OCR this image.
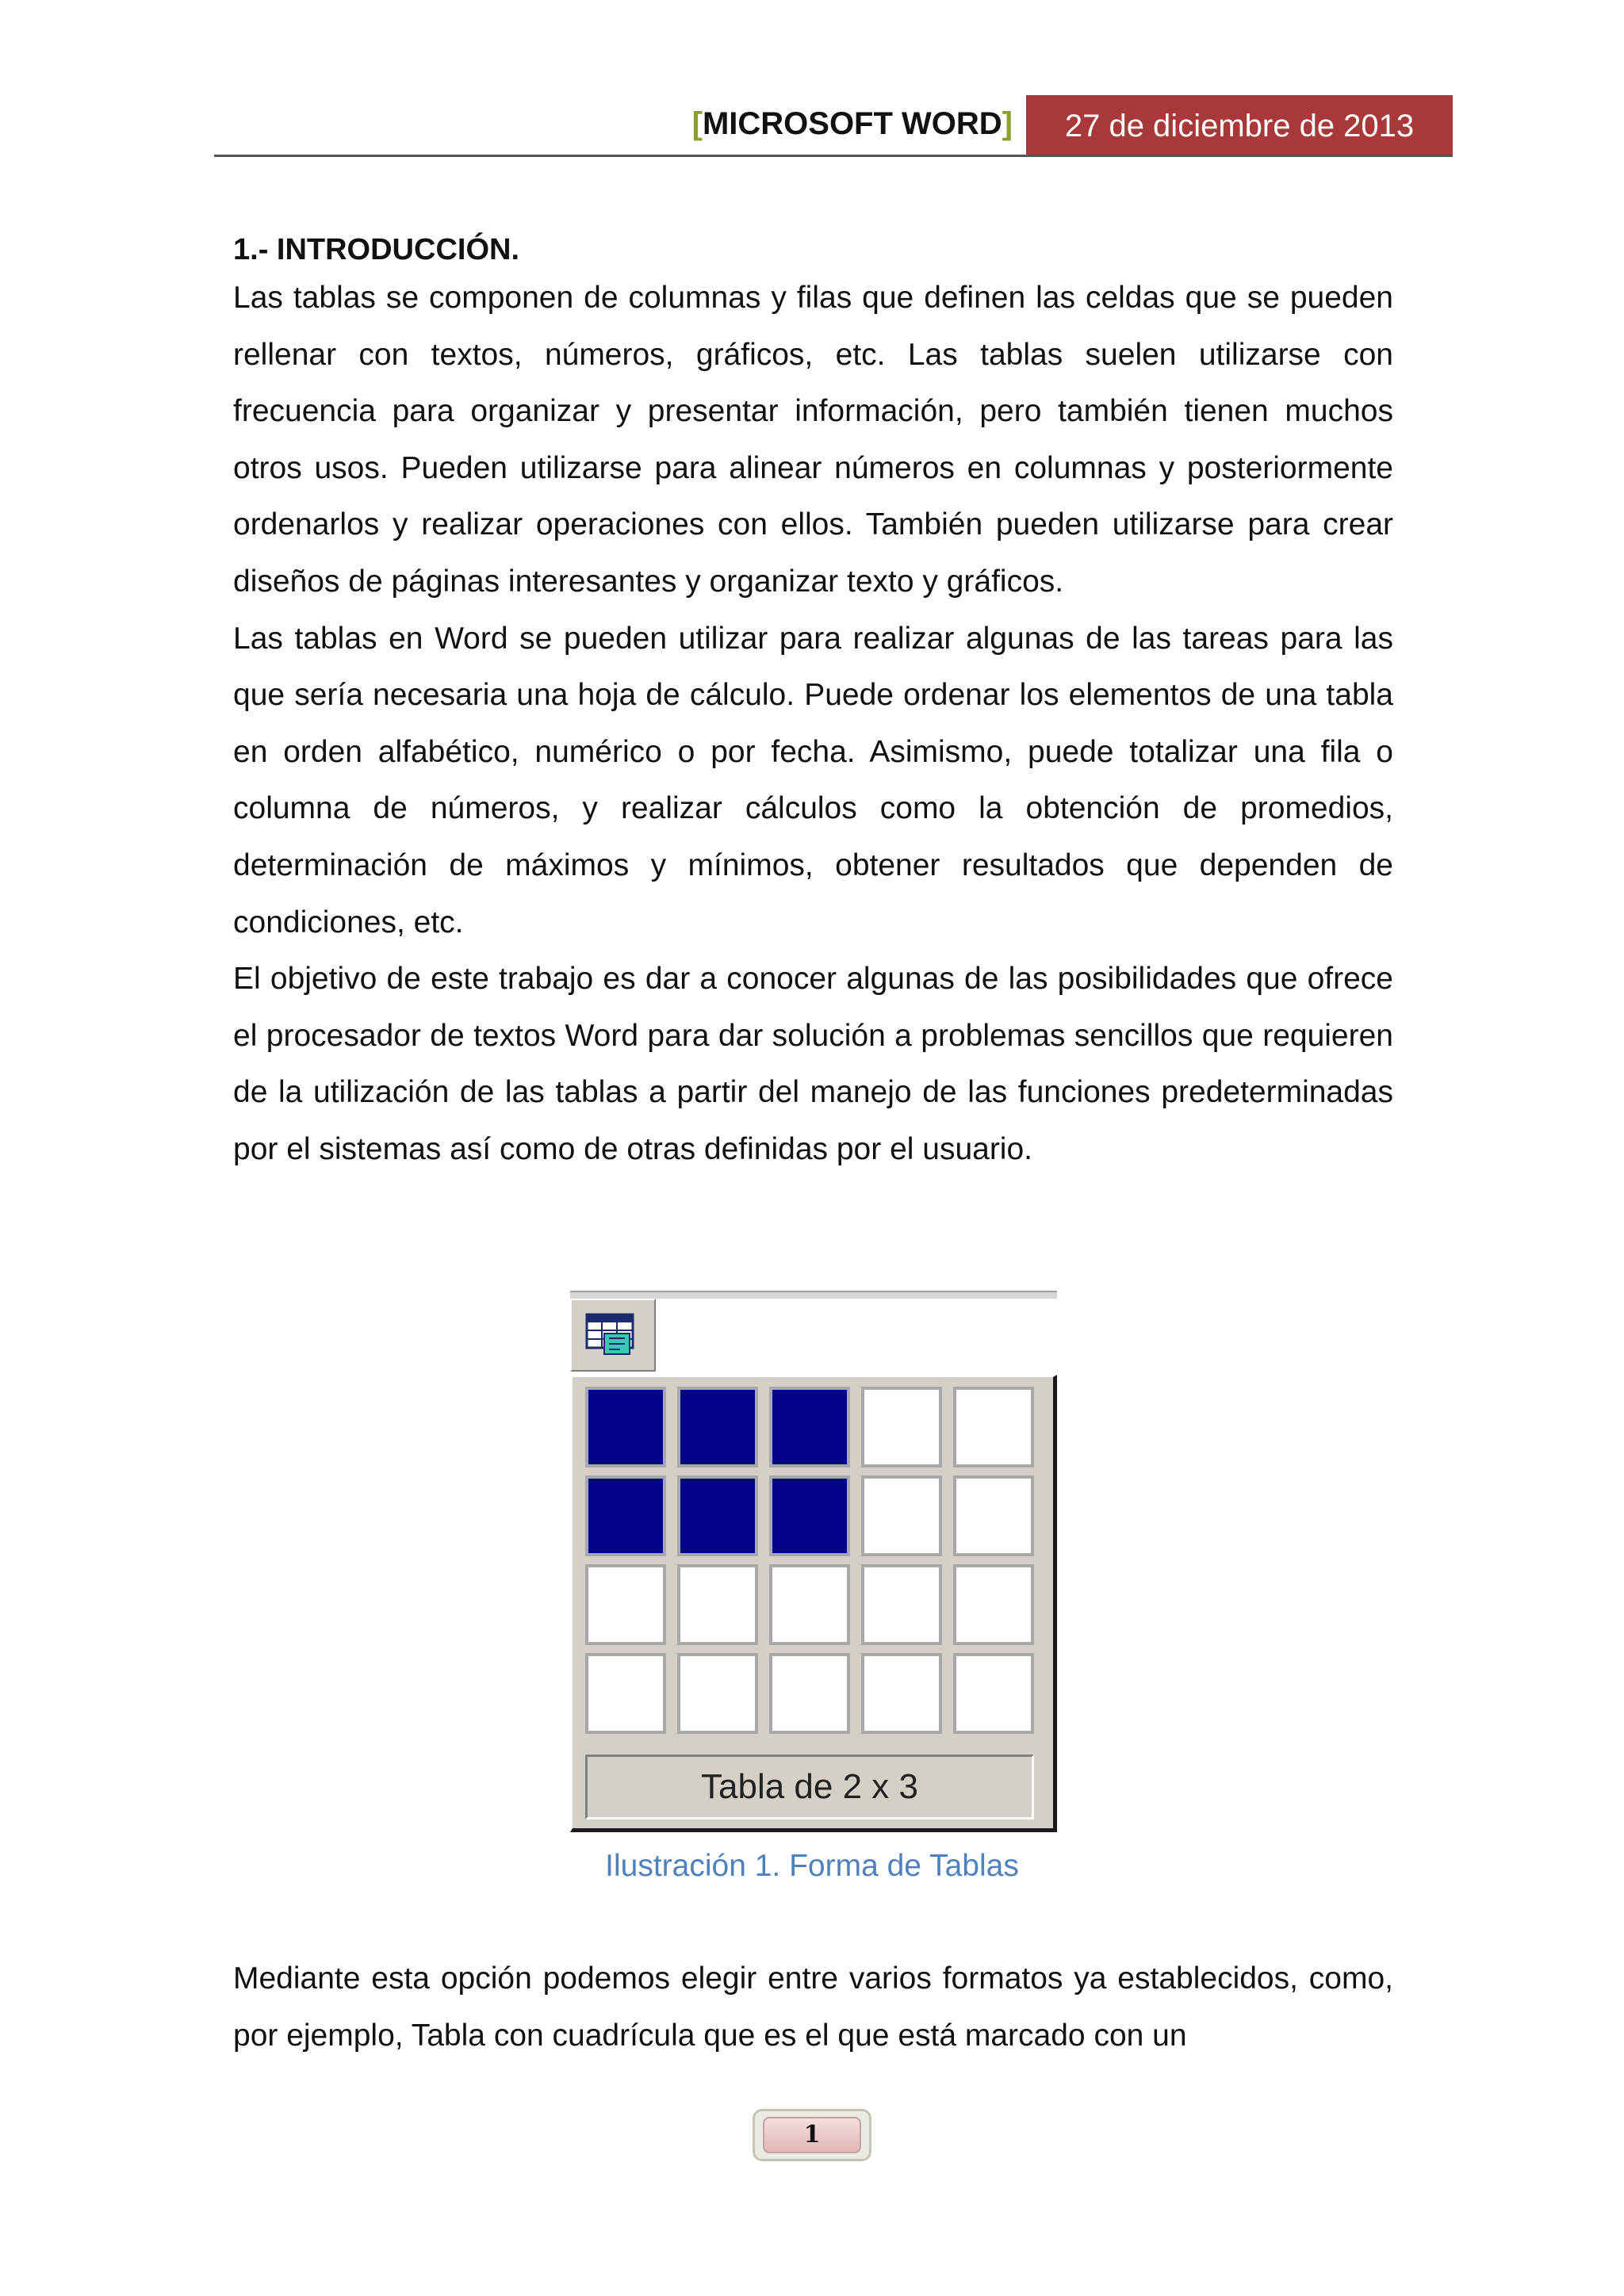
[MICROSOFT WORD]	27 de diciembre de 2013
1.- INTRODUCCIÓN.

Las tablas se componen de columnas y filas que definen las celdas que se pueden rellenar con textos, números, gráficos, etc. Las tablas suelen utilizarse con frecuencia para organizar y presentar información, pero también tienen muchos otros usos. Pueden utilizarse para alinear números en columnas y posteriormente ordenarlos y realizar operaciones con ellos. También pueden utilizarse para crear diseños de páginas interesantes y organizar texto y gráficos.

Las tablas en Word se pueden utilizar para realizar algunas de las tareas para las que sería necesaria una hoja de cálculo. Puede ordenar los elementos de una tabla en orden alfabético, numérico o por fecha. Asimismo, puede totalizar una fila o columna de números, y realizar cálculos como la obtención de promedios, determinación de máximos y mínimos, obtener resultados que dependen de condiciones, etc.

El objetivo de este trabajo es dar a conocer algunas de las posibilidades que ofrece el procesador de textos Word para dar solución a problemas sencillos que requieren de la utilización de las tablas a partir del manejo de las funciones predeterminadas por el sistemas así como de otras definidas por el usuario.

Tabla de 2 x 3
Ilustración 1. Forma de Tablas

Mediante esta opción podemos elegir entre varios formatos ya establecidos, como, por ejemplo, Tabla con cuadrícula que es el que está marcado con un

1
